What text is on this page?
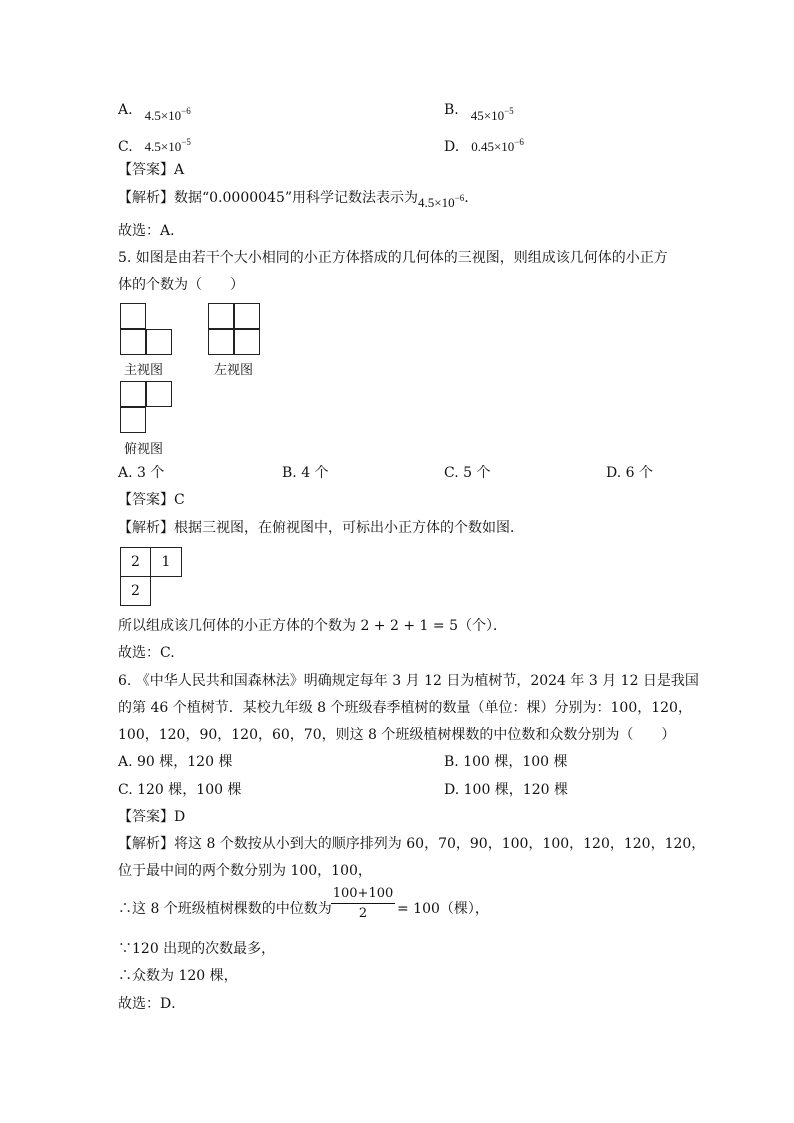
A. $4.5\times 10^{-6}$	B. $45\times 10^{-5}$
C. $4.5\times 10^{-5}$	D. $0.45\times 10^{-6}$
【答案】A
【解析】数据“0.0000045”用科学记数法表示为$4.5\times 10^{-6}$.
故选：A．
5. 如图是由若干个大小相同的小正方体搭成的几何体的三视图，则组成该几何体的小正方
体的个数为（　　）
主视图	左视图
俯视图
A. 3 个	B. 4 个	C. 5 个	D. 6 个
【答案】C
【解析】根据三视图，在俯视图中，可标出小正方体的个数如图．
2	1
2
所以组成该几何体的小正方体的个数为 2 + 2 + 1 = 5（个）．
故选：C.
6. 《中华人民共和国森林法》明确规定每年 3 月 12 日为植树节，2024 年 3 月 12 日是我国
的第 46 个植树节．某校九年级 8 个班级春季植树的数量（单位：棵）分别为：100，120，
100，120，90，120，60，70，则这 8 个班级植树棵数的中位数和众数分别为（　　）
A. 90 棵，120 棵	B. 100 棵，100 棵
C. 120 棵，100 棵	D. 100 棵，120 棵
【答案】D
【解析】将这 8 个数按从小到大的顺序排列为 60，70，90，100，100，120，120，120，
位于最中间的两个数分别为 100，100，
∴这 8 个班级植树棵数的中位数为
100+100
2	= 100（棵），
∵120 出现的次数最多，
∴众数为 120 棵，
故选：D．
